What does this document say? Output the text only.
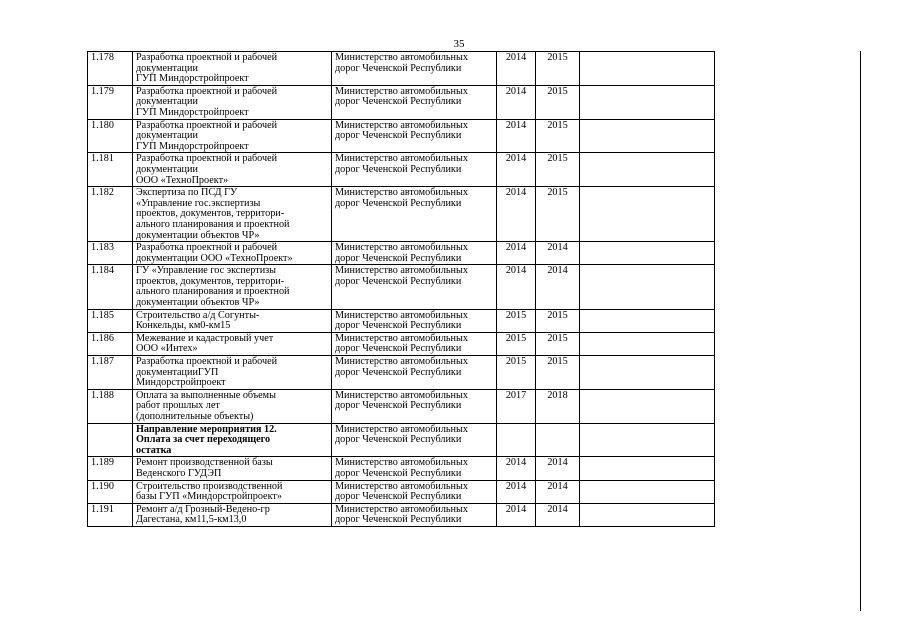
35
1.178	Разработка проектной и рабочей
документации
ГУП Миндорстройпроект	Министерство автомобильных
дорог Чеченской Республики	2014	2015	
1.179	Разработка проектной и рабочей
документации
ГУП Миндорстройпроект	Министерство автомобильных
дорог Чеченской Республики	2014	2015	
1.180	Разработка проектной и рабочей
документации
ГУП Миндорстройпроект	Министерство автомобильных
дорог Чеченской Республики	2014	2015	
1.181	Разработка проектной и рабочей
документации
ООО «ТехноПроект»	Министерство автомобильных
дорог Чеченской Республики	2014	2015	
1.182	Экспертиза по ПСД ГУ
«Управление гос.экспертизы
проектов, документов, территори-
ального планирования и проектной
документации объектов ЧР»	Министерство автомобильных
дорог Чеченской Республики	2014	2015	
1.183	Разработка проектной и рабочей
документации ООО «ТехноПроект»	Министерство автомобильных
дорог Чеченской Республики	2014	2014	
1.184	ГУ «Управление гос экспертизы
проектов, документов, территори-
ального планирования и проектной
документации объектов ЧР»	Министерство автомобильных
дорог Чеченской Республики	2014	2014	
1.185	Строительство а/д Согунты-
Конкельды, км0-км15	Министерство автомобильных
дорог Чеченской Республики	2015	2015	
1.186	Межевание и кадастровый учет
ООО «Интех»	Министерство автомобильных
дорог Чеченской Республики	2015	2015	
1.187	Разработка проектной и рабочей
документацииГУП
Миндорстройпроект	Министерство автомобильных
дорог Чеченской Республики	2015	2015	
1.188	Оплата за выполненные объемы
работ прошлых лет
(дополнительные объекты)	Министерство автомобильных
дорог Чеченской Республики	2017	2018	

	Направление мероприятия 12.
Оплата за счет переходящего
остатка	Министерство автомобильных
дорог Чеченской Республики			

1.189	Ремонт производственной базы
Веденского ГУДЭП	Министерство автомобильных
дорог Чеченской Республики	2014	2014	
1.190	Строительство производственной
базы ГУП «Миндорстройпроект»	Министерство автомобильных
дорог Чеченской Республики	2014	2014	
1.191	Ремонт а/д Грозный-Ведено-гр
Дагестана, км11,5-км13,0	Министерство автомобильных
дорог Чеченской Республики	2014	2014	
